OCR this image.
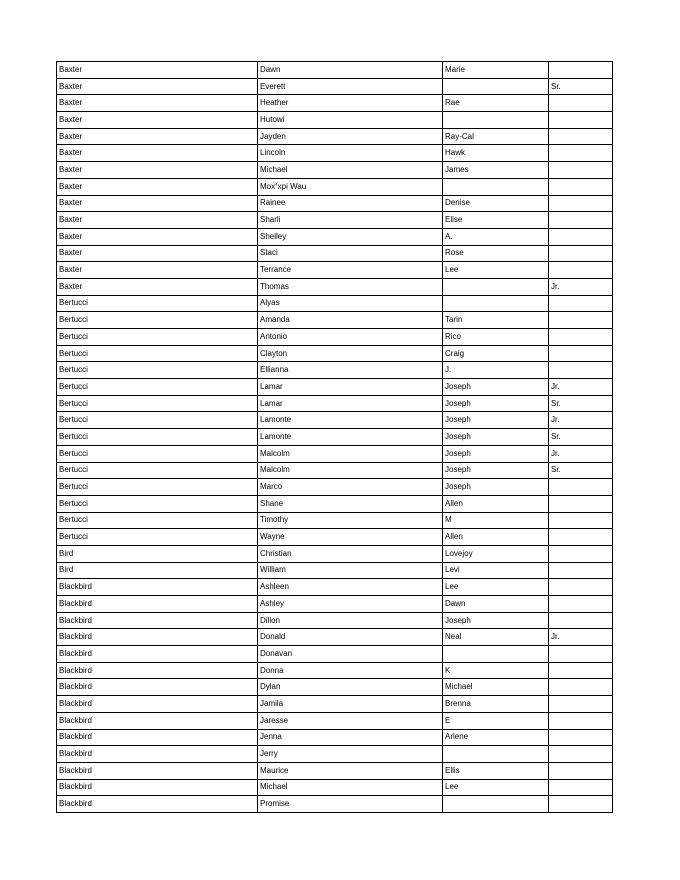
Baxter	Dawn	Marie	
Baxter	Everett		Sr.
Baxter	Heather	Rae	
Baxter	Hutowi		
Baxter	Jayden	Ray-Cal	
Baxter	Lincoln	Hawk	
Baxter	Michael	James	
Baxter	Mox$^x$xpi Wau		
Baxter	Rainee	Denise	
Baxter	Sharli	Elise	
Baxter	Shelley	A.	
Baxter	Staci	Rose	
Baxter	Terrance	Lee	
Baxter	Thomas		Jr.
Bertucci	Alyas		
Bertucci	Amanda	Tarin	
Bertucci	Antonio	Rico	
Bertucci	Clayton	Craig	
Bertucci	Ellianna	J.	
Bertucci	Lamar	Joseph	Jr.
Bertucci	Lamar	Joseph	Sr.
Bertucci	Lamonte	Joseph	Jr.
Bertucci	Lamonte	Joseph	Sr.
Bertucci	Malcolm	Joseph	Jr.
Bertucci	Malcolm	Joseph	Sr.
Bertucci	Marco	Joseph	
Bertucci	Shane	Allen	
Bertucci	Timothy	M	
Bertucci	Wayne	Allen	
Bird	Christian	Lovejoy	
Bird	William	Levi	
Blackbird	Ashleen	Lee	
Blackbird	Ashley	Dawn	
Blackbird	Dillon	Joseph	
Blackbird	Donald	Neal	Jr.
Blackbird	Donavan		
Blackbird	Donna	K	
Blackbird	Dylan	Michael	
Blackbird	Jamila	Brenna	
Blackbird	Jaresse	E	
Blackbird	Jenna	Arlene	
Blackbird	Jerry		
Blackbird	Maurice	Ellis	
Blackbird	Michael	Lee	
Blackbird	Promise		
